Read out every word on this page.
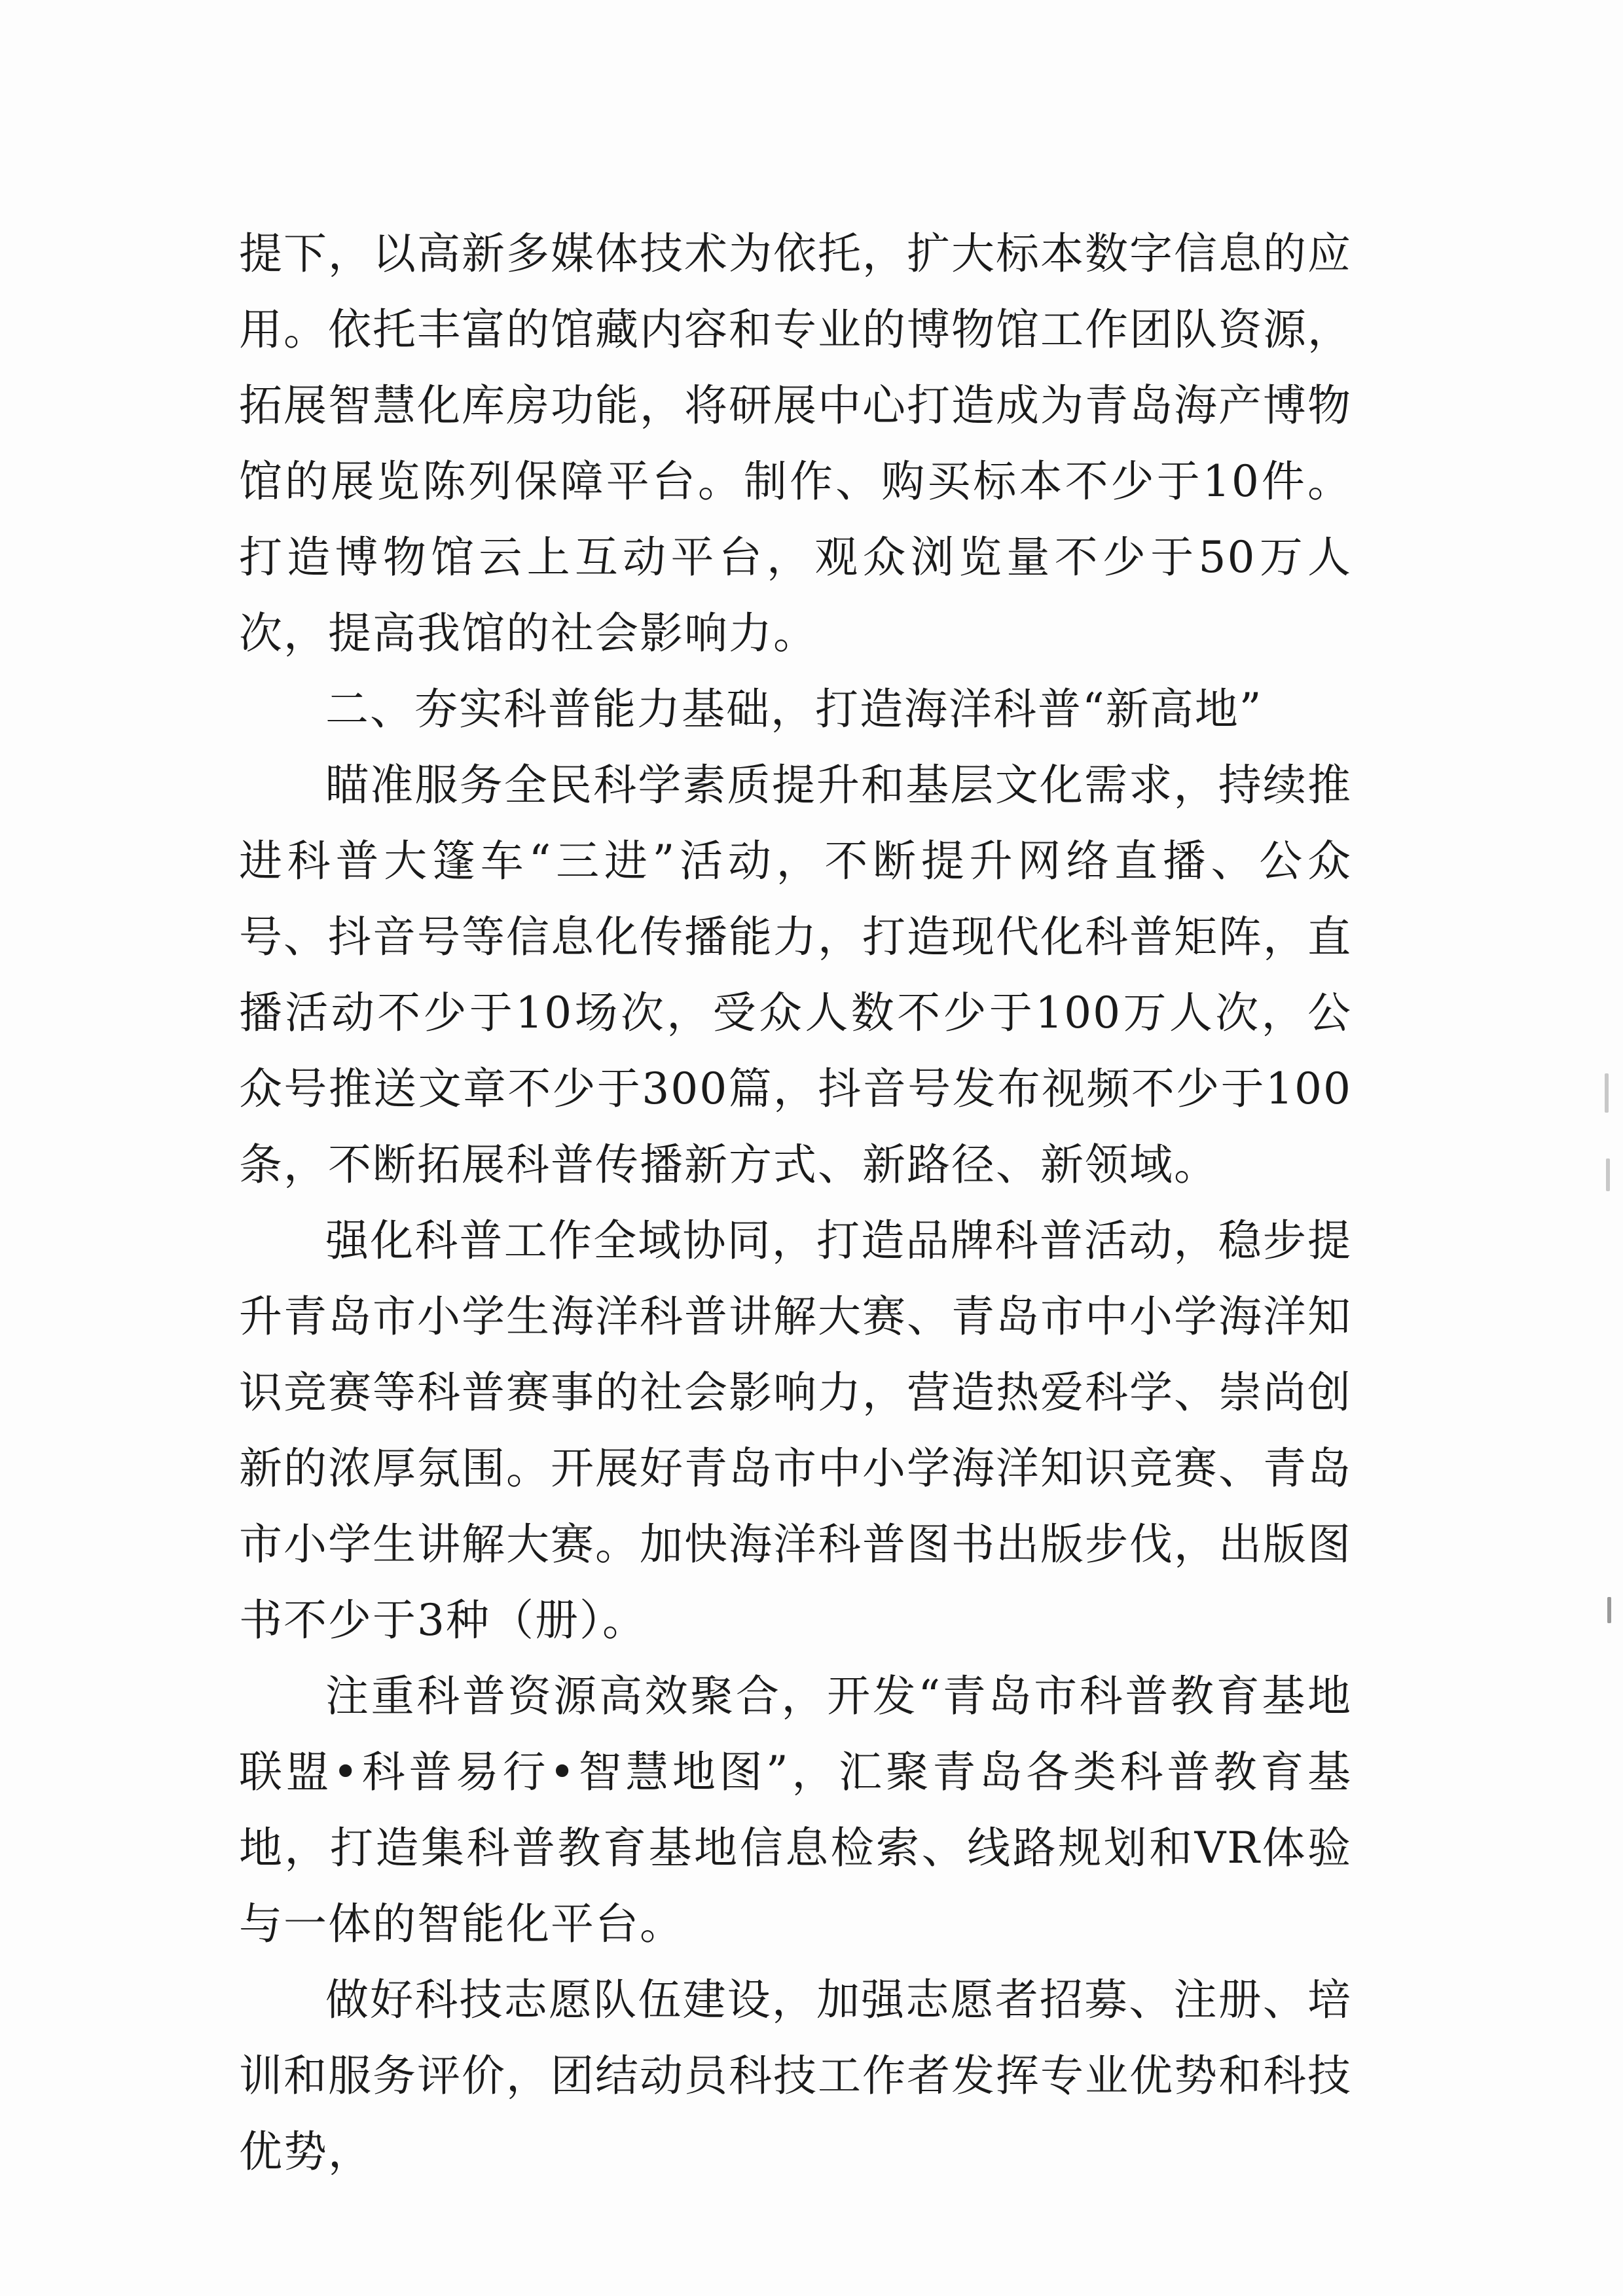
提下，以高新多媒体技术为依托，扩大标本数字信息的应用。依托丰富的馆藏内容和专业的博物馆工作团队资源，拓展智慧化库房功能，将研展中心打造成为青岛海产博物馆的展览陈列保障平台。制作、购买标本不少于10件。打造博物馆云上互动平台，观众浏览量不少于50万人次，提高我馆的社会影响力。

二、夯实科普能力基础，打造海洋科普“新高地”

瞄准服务全民科学素质提升和基层文化需求，持续推进科普大篷车“三进”活动，不断提升网络直播、公众号、抖音号等信息化传播能力，打造现代化科普矩阵，直播活动不少于10场次，受众人数不少于100万人次，公众号推送文章不少于300篇，抖音号发布视频不少于100条，不断拓展科普传播新方式、新路径、新领域。

强化科普工作全域协同，打造品牌科普活动，稳步提升青岛市小学生海洋科普讲解大赛、青岛市中小学海洋知识竞赛等科普赛事的社会影响力，营造热爱科学、崇尚创新的浓厚氛围。开展好青岛市中小学海洋知识竞赛、青岛市小学生讲解大赛。加快海洋科普图书出版步伐，出版图书不少于3种（册）。

注重科普资源高效聚合，开发“青岛市科普教育基地联盟•科普易行•智慧地图”，汇聚青岛各类科普教育基地，打造集科普教育基地信息检索、线路规划和VR体验与一体的智能化平台。

做好科技志愿队伍建设，加强志愿者招募、注册、培训和服务评价，团结动员科技工作者发挥专业优势和科技优势，
